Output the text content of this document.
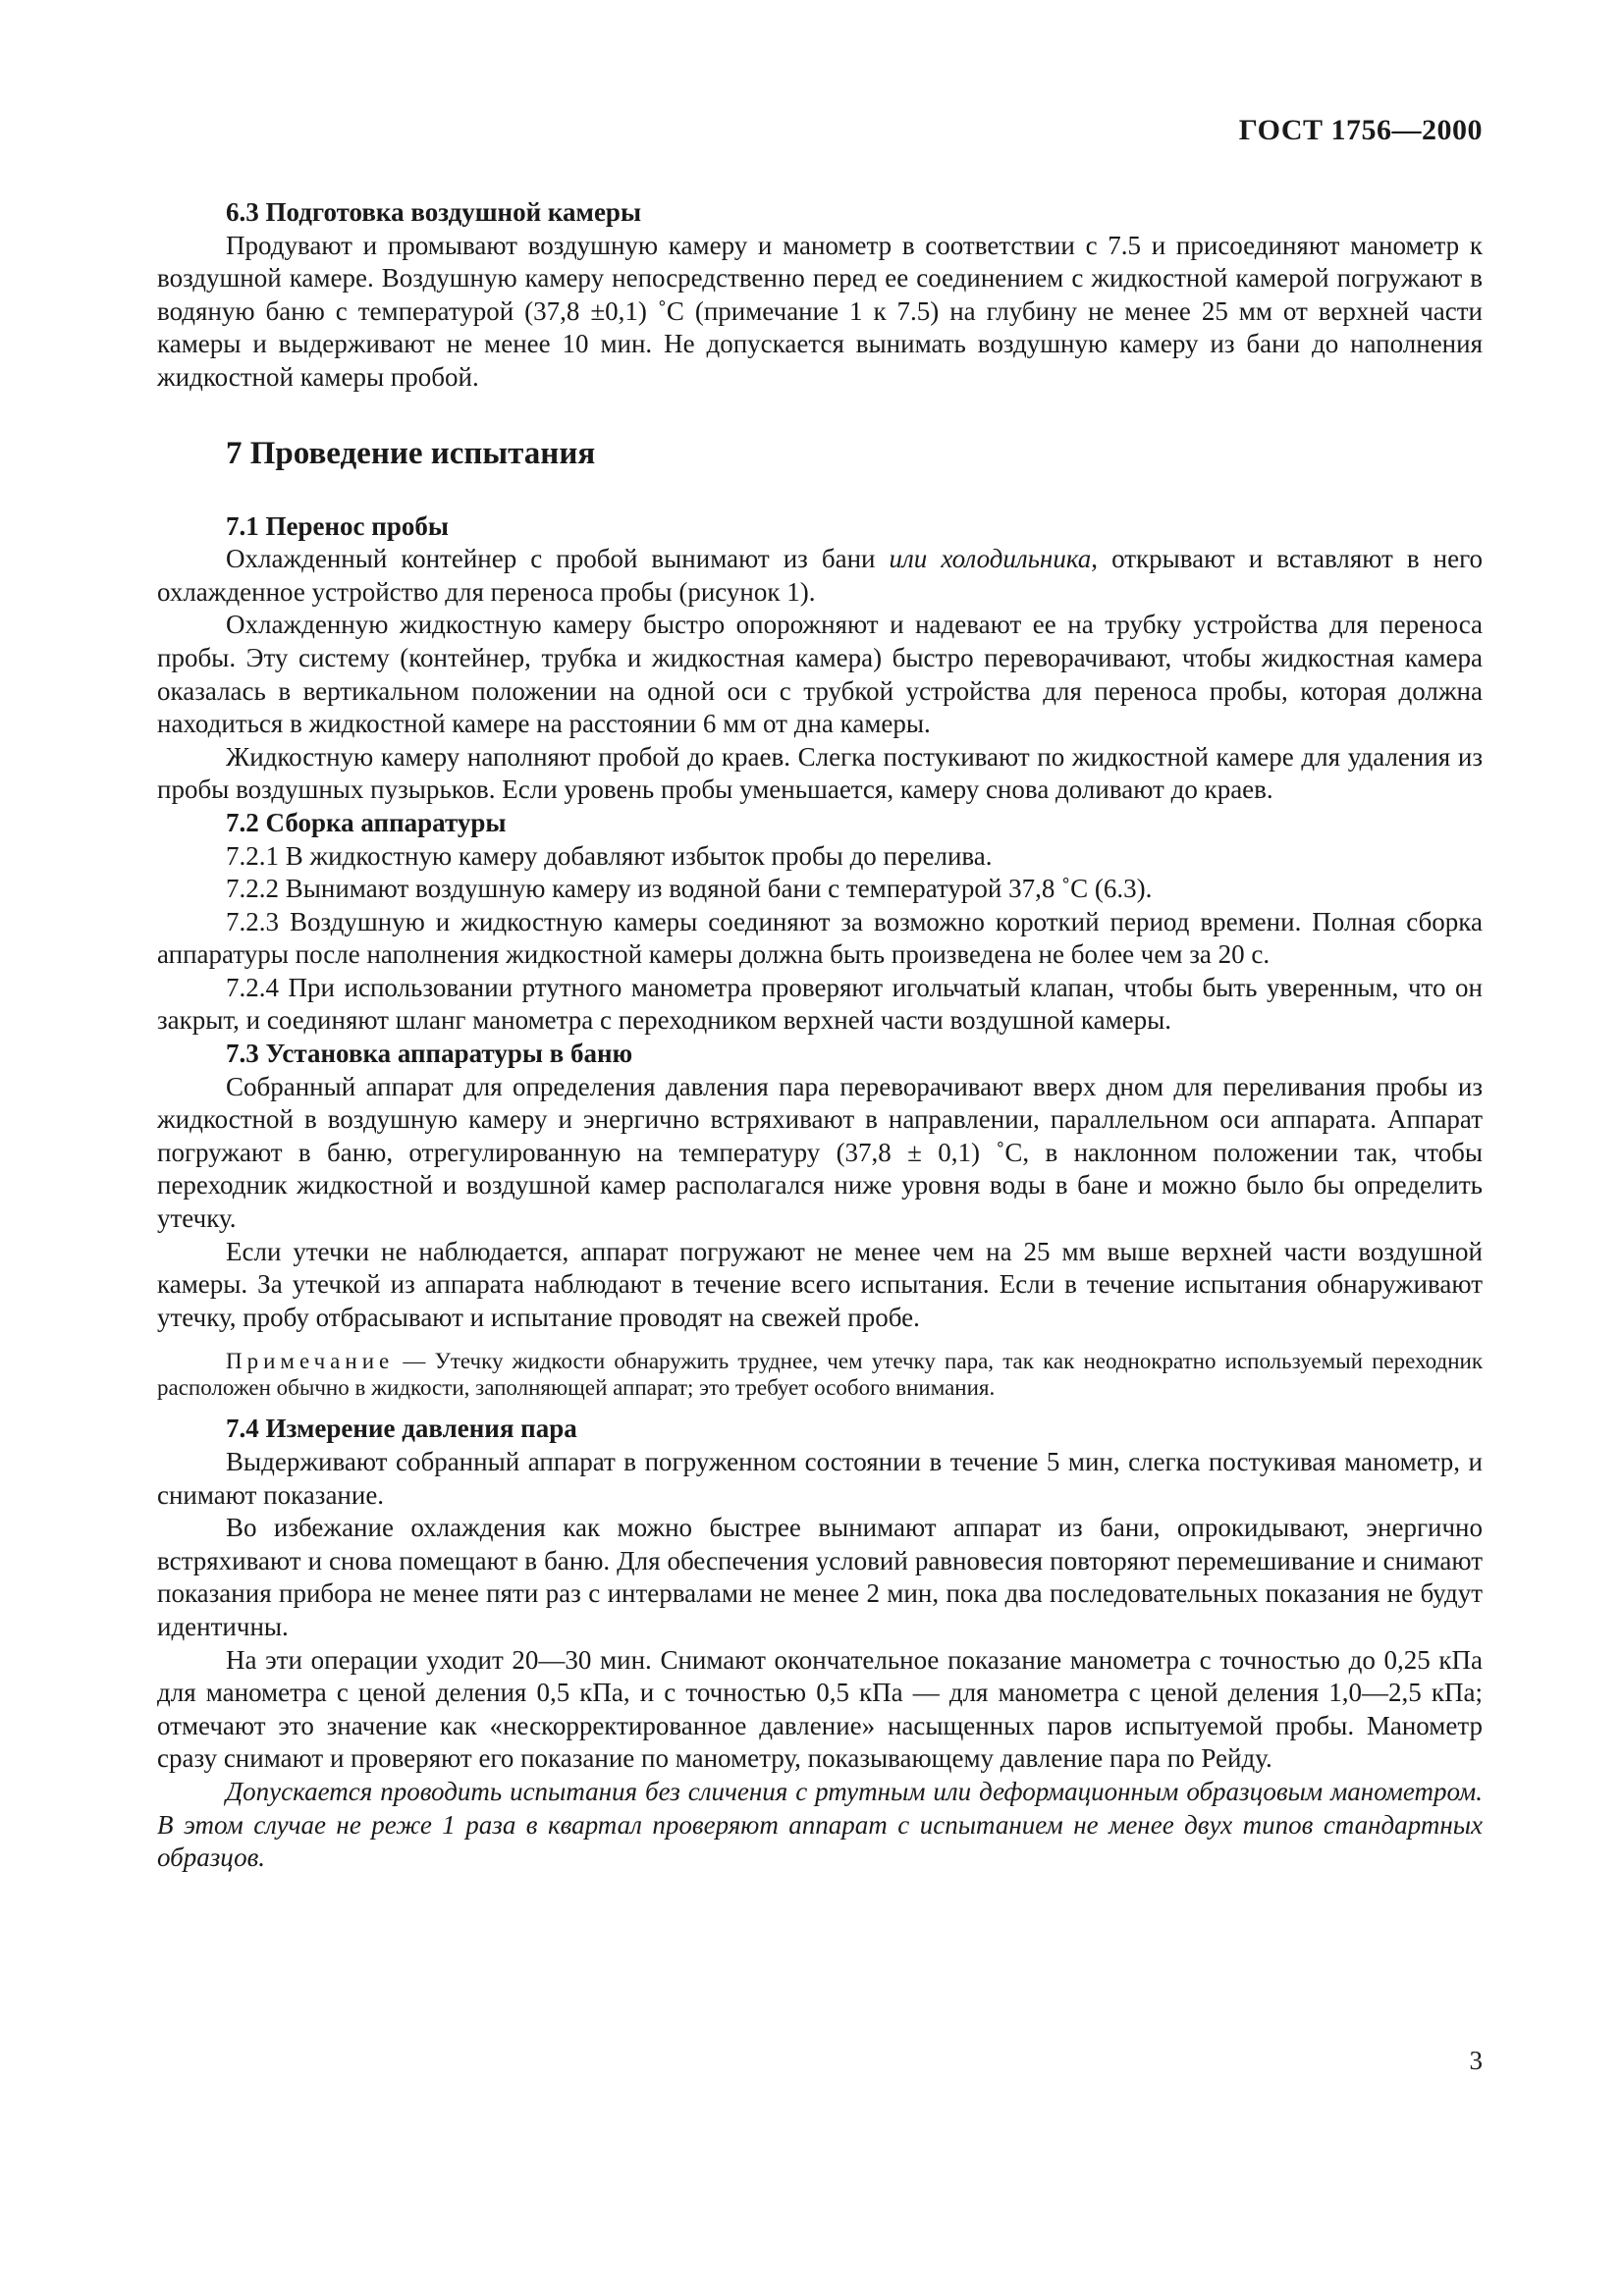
ГОСТ 1756—2000
6.3 Подготовка воздушной камеры
Продувают и промывают воздушную камеру и манометр в соответствии с 7.5 и присоединяют манометр к воздушной камере. Воздушную камеру непосредственно перед ее соединением с жидкостной камерой погружают в водяную баню с температурой (37,8 ±0,1) ˚С (примечание 1 к 7.5) на глубину не менее 25 мм от верхней части камеры и выдерживают не менее 10 мин. Не допускается вынимать воздушную камеру из бани до наполнения жидкостной камеры пробой.
7 Проведение испытания
7.1 Перенос пробы
Охлажденный контейнер с пробой вынимают из бани или холодильника, открывают и вставляют в него охлажденное устройство для переноса пробы (рисунок 1).
Охлажденную жидкостную камеру быстро опорожняют и надевают ее на трубку устройства для переноса пробы. Эту систему (контейнер, трубка и жидкостная камера) быстро переворачивают, чтобы жидкостная камера оказалась в вертикальном положении на одной оси с трубкой устройства для переноса пробы, которая должна находиться в жидкостной камере на расстоянии 6 мм от дна камеры.
Жидкостную камеру наполняют пробой до краев. Слегка постукивают по жидкостной камере для удаления из пробы воздушных пузырьков. Если уровень пробы уменьшается, камеру снова доливают до краев.
7.2 Сборка аппаратуры
7.2.1 В жидкостную камеру добавляют избыток пробы до перелива.
7.2.2 Вынимают воздушную камеру из водяной бани с температурой 37,8 ˚С (6.3).
7.2.3 Воздушную и жидкостную камеры соединяют за возможно короткий период времени. Полная сборка аппаратуры после наполнения жидкостной камеры должна быть произведена не более чем за 20 с.
7.2.4 При использовании ртутного манометра проверяют игольчатый клапан, чтобы быть уверенным, что он закрыт, и соединяют шланг манометра с переходником верхней части воздушной камеры.
7.3 Установка аппаратуры в баню
Собранный аппарат для определения давления пара переворачивают вверх дном для переливания пробы из жидкостной в воздушную камеру и энергично встряхивают в направлении, параллельном оси аппарата. Аппарат погружают в баню, отрегулированную на температуру (37,8 ± 0,1) ˚С, в наклонном положении так, чтобы переходник жидкостной и воздушной камер располагался ниже уровня воды в бане и можно было бы определить утечку.
Если утечки не наблюдается, аппарат погружают не менее чем на 25 мм выше верхней части воздушной камеры. За утечкой из аппарата наблюдают в течение всего испытания. Если в течение испытания обнаруживают утечку, пробу отбрасывают и испытание проводят на свежей пробе.
Примечание — Утечку жидкости обнаружить труднее, чем утечку пара, так как неоднократно используемый переходник расположен обычно в жидкости, заполняющей аппарат; это требует особого внимания.
7.4 Измерение давления пара
Выдерживают собранный аппарат в погруженном состоянии в течение 5 мин, слегка постукивая манометр, и снимают показание.
Во избежание охлаждения как можно быстрее вынимают аппарат из бани, опрокидывают, энергично встряхивают и снова помещают в баню. Для обеспечения условий равновесия повторяют перемешивание и снимают показания прибора не менее пяти раз с интервалами не менее 2 мин, пока два последовательных показания не будут идентичны.
На эти операции уходит 20—30 мин. Снимают окончательное показание манометра с точностью до 0,25 кПа для манометра с ценой деления 0,5 кПа, и с точностью 0,5 кПа — для манометра с ценой деления 1,0—2,5 кПа; отмечают это значение как «нескорректированное давление» насыщенных паров испытуемой пробы. Манометр сразу снимают и проверяют его показание по манометру, показывающему давление пара по Рейду.
Допускается проводить испытания без сличения с ртутным или деформационным образцовым манометром. В этом случае не реже 1 раза в квартал проверяют аппарат с испытанием не менее двух типов стандартных образцов.
3
